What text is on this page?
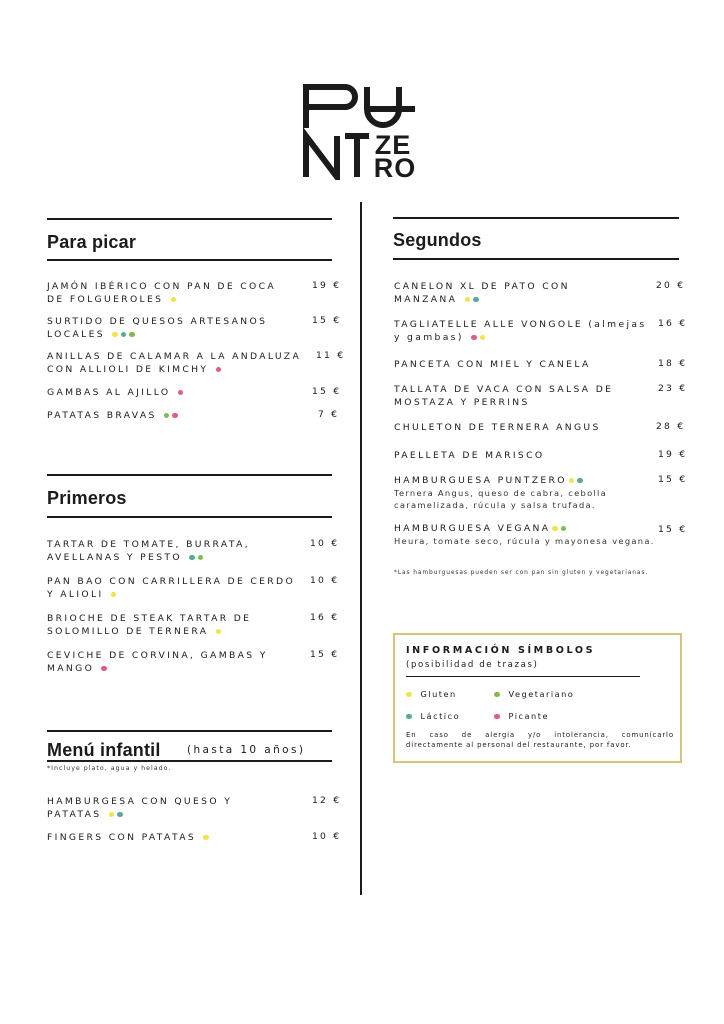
ZE
RO
Para picar
JAMÓN IBÉRICO CON PAN DE COCA DE FOLGUEROLES
19 €
SURTIDO DE QUESOS ARTESANOS LOCALES
15 €
ANILLAS DE CALAMAR A LA ANDALUZA CON ALLIOLI DE KIMCHY
11 €
GAMBAS AL AJILLO	15 €
PATATAS BRAVAS	7 €
Primeros
TARTAR DE TOMATE, BURRATA, AVELLANAS Y PESTO
10 €
PAN BAO CON CARRILLERA DE CERDO Y ALIOLI
10 €
BRIOCHE DE STEAK TARTAR DE SOLOMILLO DE TERNERA
16 €
CEVICHE DE CORVINA, GAMBAS Y MANGO
15 €
Menú infantil	(hasta 10 años)
*Incluye plato, agua y helado.
HAMBURGESA CON QUESO Y PATATAS
12 €
FINGERS CON PATATAS	10 €
Segundos
CANELON XL DE PATO CON MANZANA
20 €
TAGLIATELLE ALLE VONGOLE (almejas y gambas)
16 €
PANCETA CON MIEL Y CANELA	18 €
TALLATA DE VACA CON SALSA DE MOSTAZA Y PERRINS
23 €
CHULETON DE TERNERA ANGUS	28 €
PAELLETA DE MARISCO	19 €
HAMBURGUESA PUNTZERO	15 €
Ternera Angus, queso de cabra, cebolla caramelizada, rúcula y salsa trufada.
HAMBURGUESA VEGANA	15 €
Heura, tomate seco, rúcula y mayonesa vegana.
*Las hamburguesas pueden ser con pan sin gluten y vegetarianas.
INFORMACIÓN SÍMBOLOS
(posibilidad de trazas)
Gluten	Vegetariano
Láctico	Picante
En caso de alergia y/o intolerancia, comunicarlo directamente al personal del restaurante, por favor.
